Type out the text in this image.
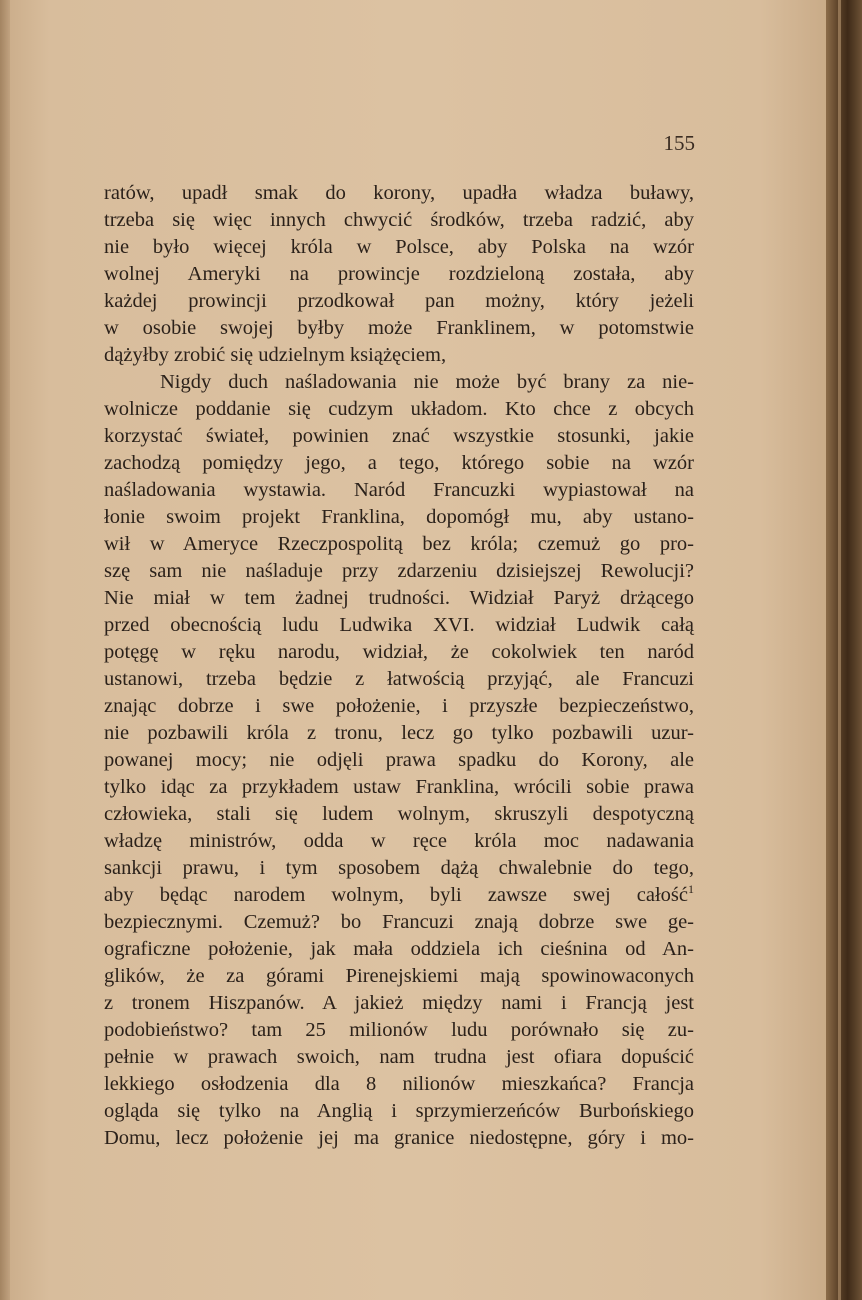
155
ratów, upadł smak do korony, upadła władza buławy,
trzeba się więc innych chwycić środków, trzeba radzić, aby
nie było więcej króla w Polsce, aby Polska na wzór
wolnej Ameryki na prowincje rozdzieloną została, aby
każdej prowincji przodkował pan możny, który jeżeli
w osobie swojej byłby może Franklinem, w potomstwie
dążyłby zrobić się udzielnym książęciem,
Nigdy duch naśladowania nie może być brany za nie-
wolnicze poddanie się cudzym układom. Kto chce z obcych
korzystać świateł, powinien znać wszystkie stosunki, jakie
zachodzą pomiędzy jego, a tego, którego sobie na wzór
naśladowania wystawia. Naród Francuzki wypiastował na
łonie swoim projekt Franklina, dopomógł mu, aby ustano-
wił w Ameryce Rzeczpospolitą bez króla; czemuż go pro-
szę sam nie naśladuje przy zdarzeniu dzisiejszej Rewolucji?
Nie miał w tem żadnej trudności. Widział Paryż drżącego
przed obecnością ludu Ludwika XVI. widział Ludwik całą
potęgę w ręku narodu, widział, że cokolwiek ten naród
ustanowi, trzeba będzie z łatwością przyjąć, ale Francuzi
znając dobrze i swe położenie, i przyszłe bezpieczeństwo,
nie pozbawili króla z tronu, lecz go tylko pozbawili uzur-
powanej mocy; nie odjęli prawa spadku do Korony, ale
tylko idąc za przykładem ustaw Franklina, wrócili sobie prawa
człowieka, stali się ludem wolnym, skruszyli despotyczną
władzę ministrów, odda w ręce króla moc nadawania
sankcji prawu, i tym sposobem dążą chwalebnie do tego,
aby będąc narodem wolnym, byli zawsze swej całość$^1$
bezpiecznymi. Czemuż? bo Francuzi znają dobrze swe ge-
ograficzne położenie, jak mała oddziela ich cieśnina od An-
glików, że za górami Pirenejskiemi mają spowinowaconych
z tronem Hiszpanów. A jakież między nami i Francją jest
podobieństwo? tam 25 milionów ludu porównało się zu-
pełnie w prawach swoich, nam trudna jest ofiara dopuścić
lekkiego osłodzenia dla 8 nilionów mieszkańca? Francja
ogląda się tylko na Anglią i sprzymierzeńców Burbońskiego
Domu, lecz położenie jej ma granice niedostępne, góry i mo-
